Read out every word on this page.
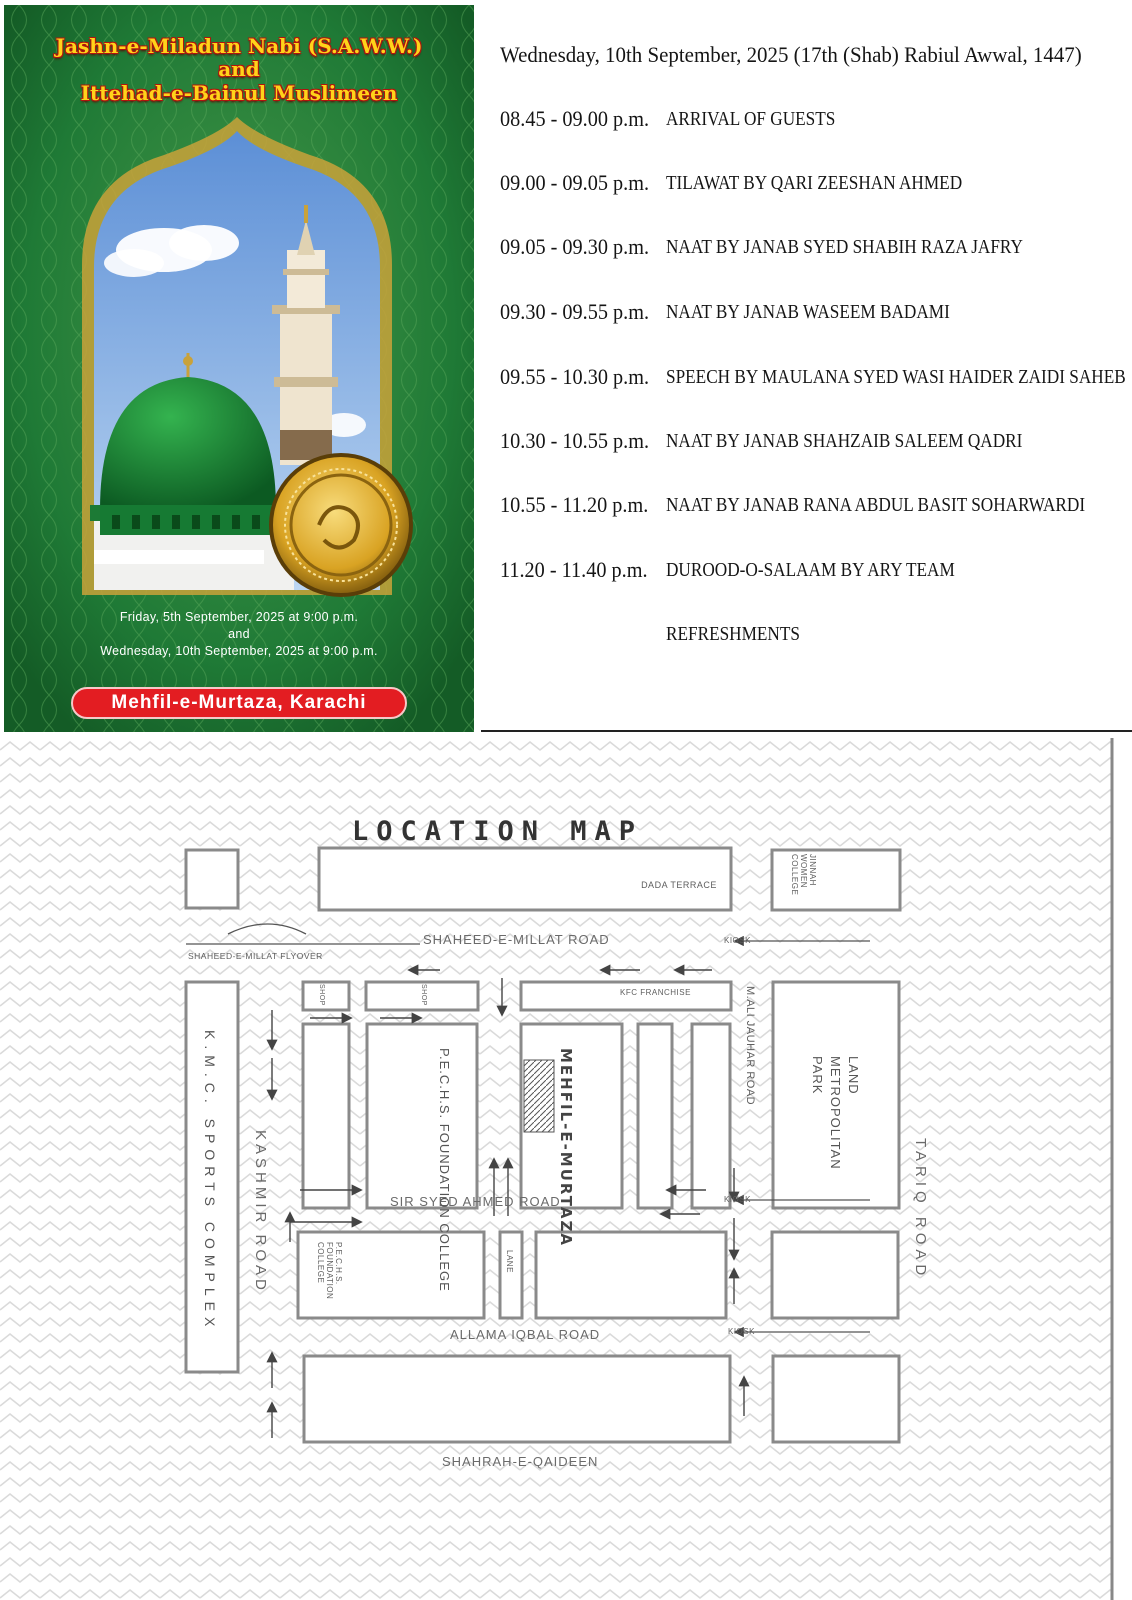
Jashn-e-Miladun Nabi (S.A.W.W.)
and
Ittehad-e-Bainul Muslimeen
Friday, 5th September, 2025 at 9:00 p.m.
and
Wednesday, 10th September, 2025 at 9:00 p.m.
Mehfil-e-Murtaza, Karachi
Wednesday, 10th September, 2025 (17th (Shab) Rabiul Awwal, 1447)
08.45 - 09.00 p.m. ARRIVAL OF GUESTS
09.00 - 09.05 p.m. TILAWAT BY QARI ZEESHAN AHMED
09.05 - 09.30 p.m. NAAT BY JANAB SYED SHABIH RAZA JAFRY
09.30 - 09.55 p.m. NAAT BY JANAB WASEEM BADAMI
09.55 - 10.30 p.m. SPEECH BY MAULANA SYED WASI HAIDER ZAIDI SAHEB
10.30 - 10.55 p.m. NAAT BY JANAB SHAHZAIB SALEEM QADRI
10.55 - 11.20 p.m. NAAT BY JANAB RANA ABDUL BASIT SOHARWARDI
11.20 - 11.40 p.m. DUROOD-O-SALAAM BY ARY TEAM
REFRESHMENTS
LOCATION MAP
SHAHEED-E-MILLAT ROAD
SIR SYED AHMED ROAD
ALLAMA IQBAL ROAD
SHAHRAH-E-QAIDEEN
KASHMIR ROAD	TARIQ ROAD
M.ALI JAUHAR ROAD
MEHFIL-E-MURTAZA
K.M.C. SPORTS COMPLEX	P.E.C.H.S. FOUNDATION COLLEGE
P.E.C.H.S. FOUNDATION COLLEGE
DADA TERRACE	JINNAH WOMEN COLLEGE
LAND METROPOLITAN PARK
SHAHEED-E-MILLAT FLYOVER
KFC FRANCHISE
KIOSK
KIOSK
KIOSK
SHOP	SHOP
LANE
